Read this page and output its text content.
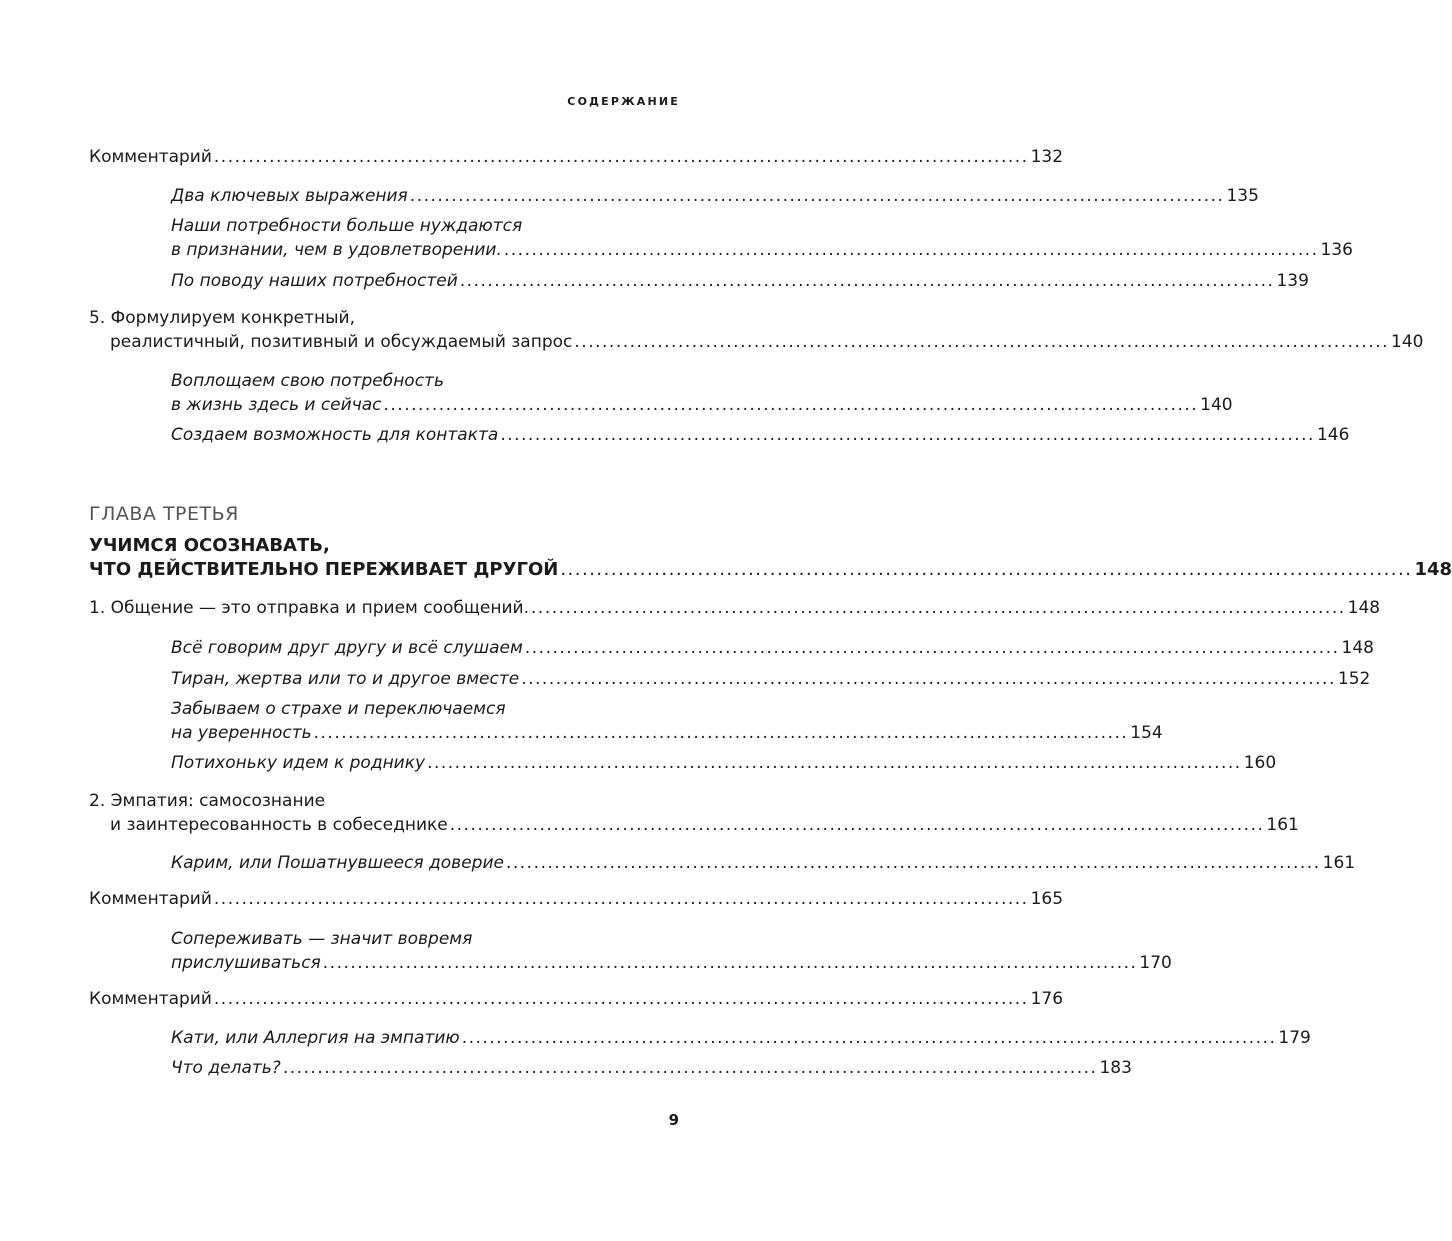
СОДЕРЖАНИЕ
Комментарий ...................................................................................................................... 132
Два ключевых выражения ...................................................................................................................... 135
Наши потребности больше нуждаются
в признании, чем в удовлетворении. ...................................................................................................................... 136
По поводу наших потребностей ...................................................................................................................... 139
5. Формулируем конкретный,
реалистичный, позитивный и обсуждаемый запрос ...................................................................................................................... 140
Воплощаем свою потребность
в жизнь здесь и сейчас ...................................................................................................................... 140
Создаем возможность для контакта ...................................................................................................................... 146
ГЛАВА ТРЕТЬЯ
УЧИМСЯ ОСОЗНАВАТЬ,
ЧТО ДЕЙСТВИТЕЛЬНО ПЕРЕЖИВАЕТ ДРУГОЙ ...................................................................................................................... 148
1. Общение — это отправка и прием сообщений. ...................................................................................................................... 148
Всё говорим друг другу и всё слушаем ...................................................................................................................... 148
Тиран, жертва или то и другое вместе ...................................................................................................................... 152
Забываем о страхе и переключаемся
на уверенность ...................................................................................................................... 154
Потихоньку идем к роднику ...................................................................................................................... 160
2. Эмпатия: самосознание
и заинтересованность в собеседнике ...................................................................................................................... 161
Карим, или Пошатнувшееся доверие ...................................................................................................................... 161
Комментарий ...................................................................................................................... 165
Сопереживать — значит вовремя
прислушиваться ...................................................................................................................... 170
Комментарий ...................................................................................................................... 176
Кати, или Аллергия на эмпатию ...................................................................................................................... 179
Что делать? ...................................................................................................................... 183
9
